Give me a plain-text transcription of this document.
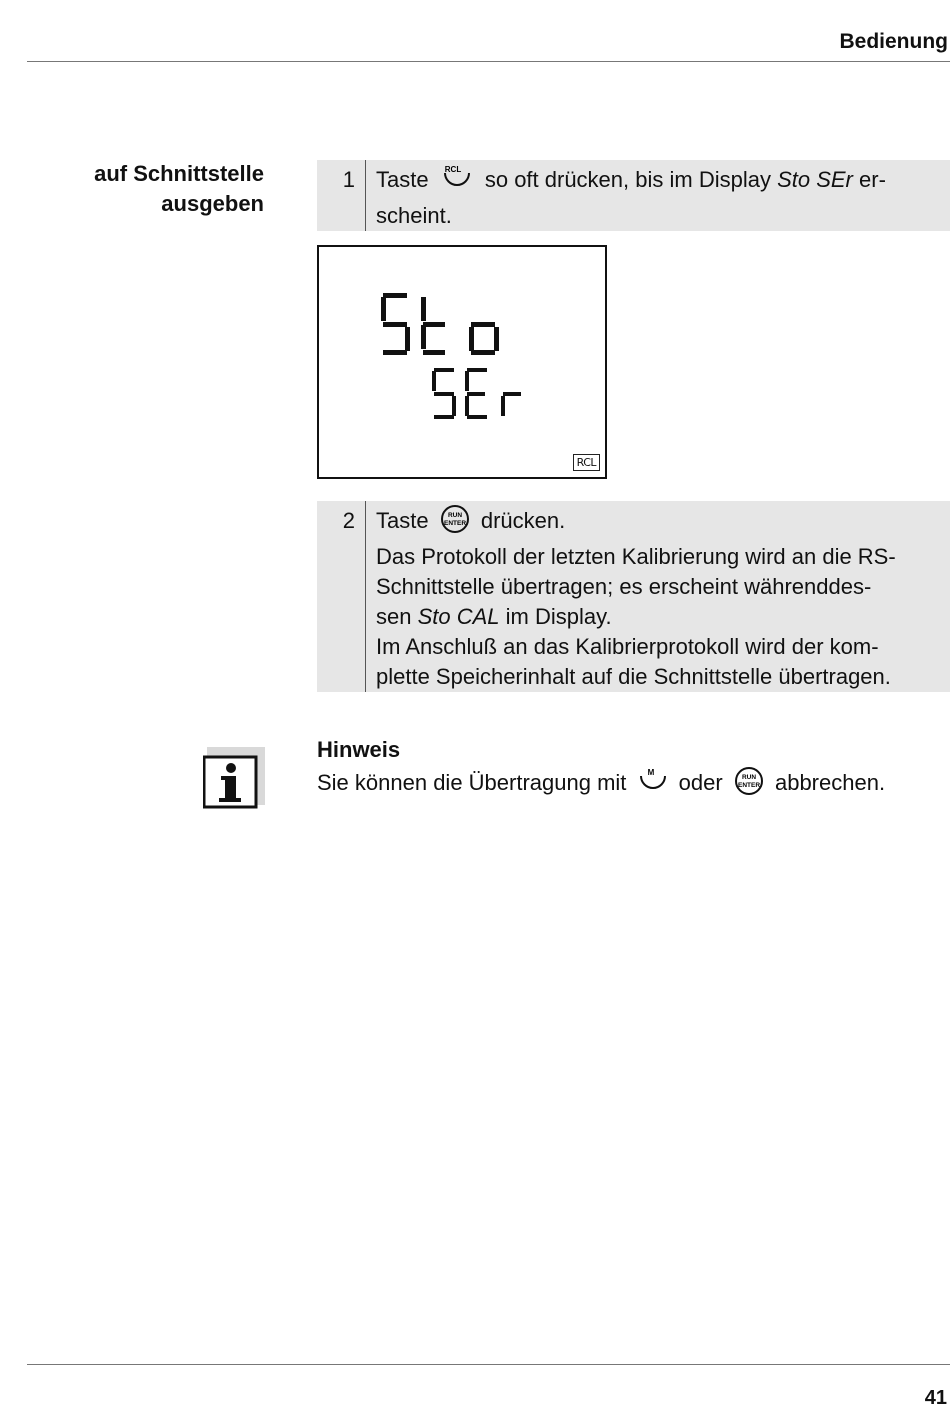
Bedienung
auf Schnittstelle
ausgeben
1 Taste RCL so oft drücken, bis im Display Sto SEr er-
scheint.
RCL
2 Taste	RUN
ENTER drücken.
Das Protokoll der letzten Kalibrierung wird an die RS-
Schnittstelle übertragen; es erscheint währenddes-
sen Sto CAL im Display.
Im Anschluß an das Kalibrierprotokoll wird der kom-
plette Speicherinhalt auf die Schnittstelle übertragen.
Hinweis
Sie können die Übertragung mit	M oder	RUN
ENTER abbrechen.
41
